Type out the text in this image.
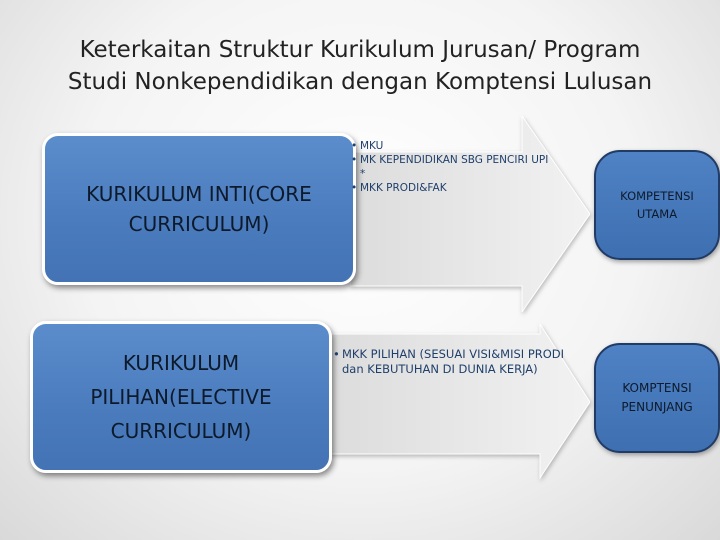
Keterkaitan Struktur Kurikulum Jurusan/ Program
Studi Nonkependidikan dengan Komptensi Lulusan
KURIKULUM INTI(CORE
CURRICULUM)
KURIKULUM
PILIHAN(ELECTIVE
CURRICULUM)
• MKU
• MK KEPENDIDIKAN SBG PENCIRI UPI *
• MKK PRODI&FAK
• MKK PILIHAN (SESUAI VISI&MISI PRODI dan KEBUTUHAN DI DUNIA KERJA)
KOMPETENSI
UTAMA
KOMPTENSI
PENUNJANG
